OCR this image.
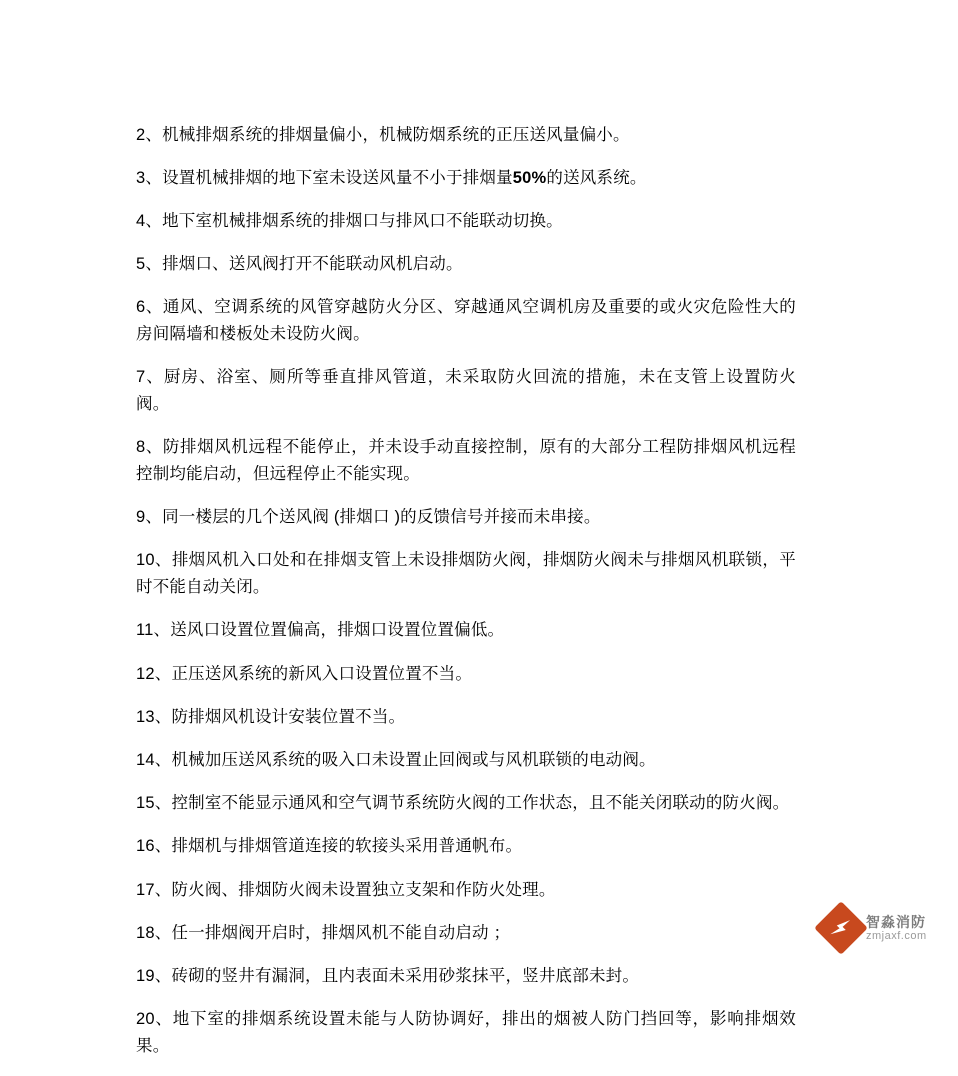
2、机械排烟系统的排烟量偏小，机械防烟系统的正压送风量偏小。

3、设置机械排烟的地下室未设送风量不小于排烟量50%的送风系统。

4、地下室机械排烟系统的排烟口与排风口不能联动切换。

5、排烟口、送风阀打开不能联动风机启动。

6、通风、空调系统的风管穿越防火分区、穿越通风空调机房及重要的或火灾危险性大的房间隔墙和楼板处未设防火阀。

7、厨房、浴室、厕所等垂直排风管道，未采取防火回流的措施，未在支管上设置防火阀。

8、防排烟风机远程不能停止，并未设手动直接控制，原有的大部分工程防排烟风机远程控制均能启动，但远程停止不能实现。

9、同一楼层的几个送风阀 (排烟口 )的反馈信号并接而未串接。

10、排烟风机入口处和在排烟支管上未设排烟防火阀，排烟防火阀未与排烟风机联锁，平时不能自动关闭。

11、送风口设置位置偏高，排烟口设置位置偏低。

12、正压送风系统的新风入口设置位置不当。

13、防排烟风机设计安装位置不当。

14、机械加压送风系统的吸入口未设置止回阀或与风机联锁的电动阀。

15、控制室不能显示通风和空气调节系统防火阀的工作状态，且不能关闭联动的防火阀。

16、排烟机与排烟管道连接的软接头采用普通帆布。

17、防火阀、排烟防火阀未设置独立支架和作防火处理。

18、任一排烟阀开启时，排烟风机不能自动启动 ；

19、砖砌的竖井有漏洞，且内表面未采用砂浆抹平，竖井底部未封。

20、地下室的排烟系统设置未能与人防协调好，排出的烟被人防门挡回等，影响排烟效果。

智淼消防
zmjaxf.com
